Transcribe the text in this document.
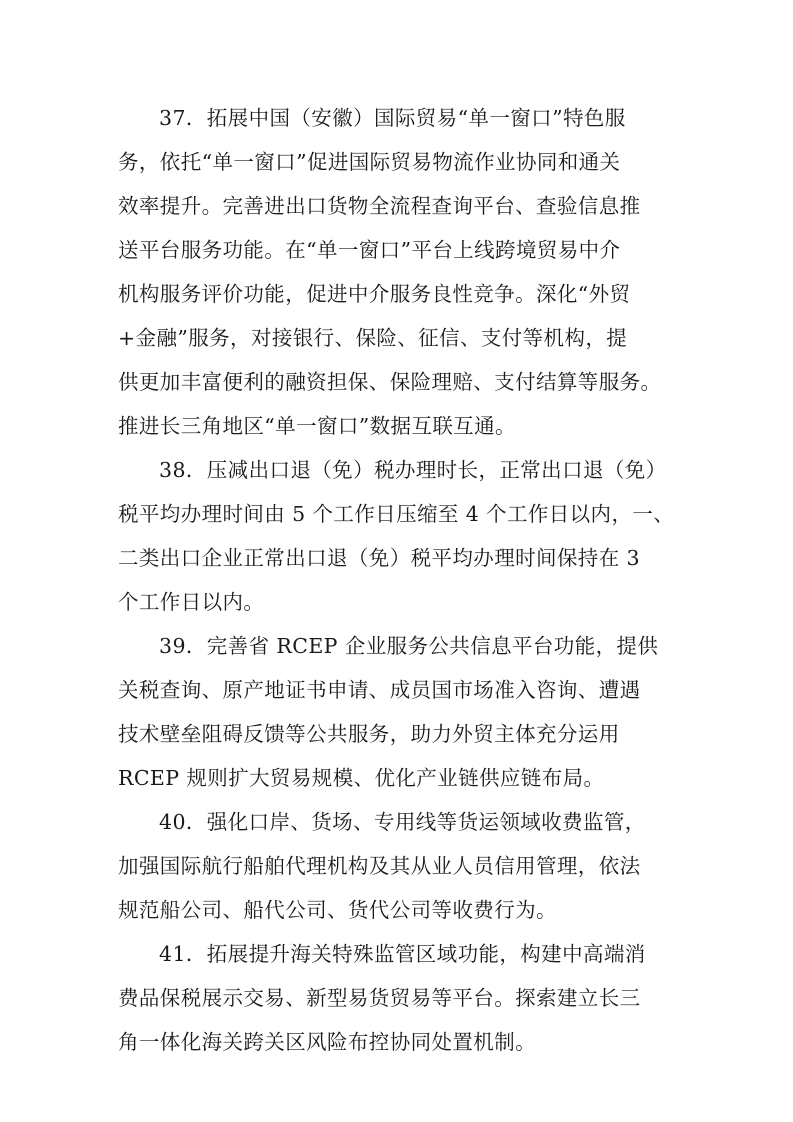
37．拓展中国（安徽）国际贸易“单一窗口”特色服
务，依托“单一窗口”促进国际贸易物流作业协同和通关
效率提升。完善进出口货物全流程查询平台、查验信息推
送平台服务功能。在“单一窗口”平台上线跨境贸易中介
机构服务评价功能，促进中介服务良性竞争。深化“外贸
+金融”服务，对接银行、保险、征信、支付等机构，提
供更加丰富便利的融资担保、保险理赔、支付结算等服务。
推进长三角地区“单一窗口”数据互联互通。

38．压减出口退（免）税办理时长，正常出口退（免）
税平均办理时间由 5 个工作日压缩至 4 个工作日以内，一、
二类出口企业正常出口退（免）税平均办理时间保持在 3
个工作日以内。

39．完善省 RCEP 企业服务公共信息平台功能，提供
关税查询、原产地证书申请、成员国市场准入咨询、遭遇
技术壁垒阻碍反馈等公共服务，助力外贸主体充分运用
RCEP 规则扩大贸易规模、优化产业链供应链布局。

40．强化口岸、货场、专用线等货运领域收费监管，
加强国际航行船舶代理机构及其从业人员信用管理，依法
规范船公司、船代公司、货代公司等收费行为。

41．拓展提升海关特殊监管区域功能，构建中高端消
费品保税展示交易、新型易货贸易等平台。探索建立长三
角一体化海关跨关区风险布控协同处置机制。
